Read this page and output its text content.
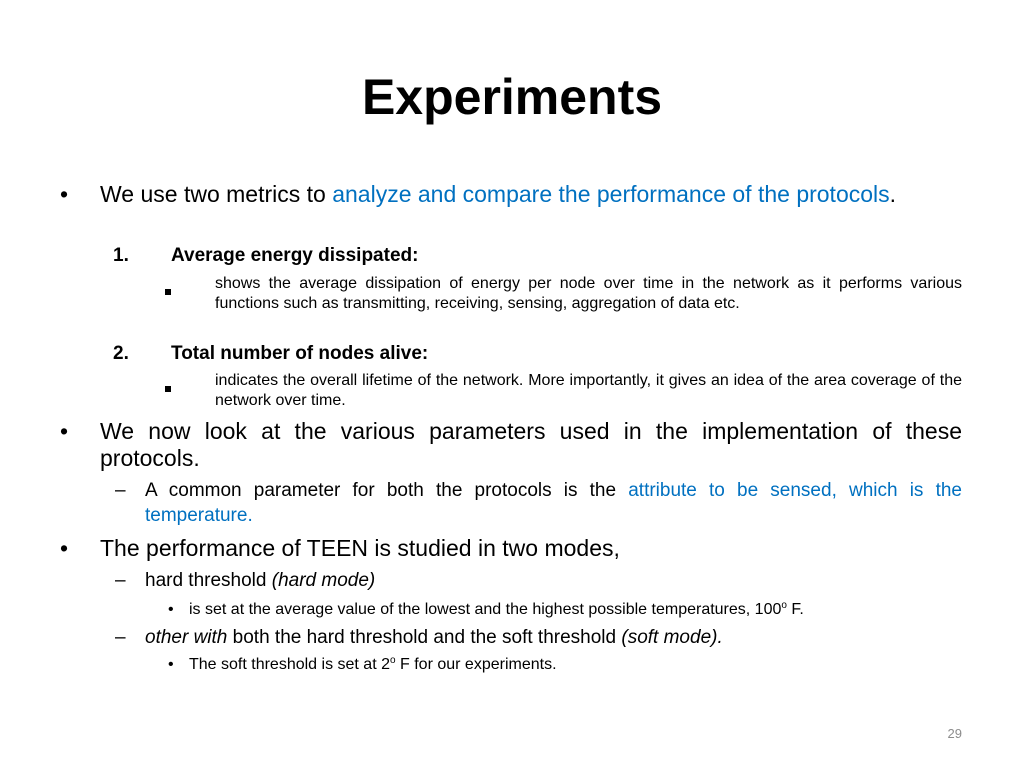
Experiments
• We use two metrics to analyze and compare the performance of the protocols.
1. Average energy dissipated:
shows the average dissipation of energy per node over time in the network as it performs various functions such as transmitting, receiving, sensing, aggregation of data etc.
2. Total number of nodes alive:
indicates the overall lifetime of the network. More importantly, it gives an idea of the area coverage of the network over time.
• We now look at the various parameters used in the implementation of these protocols.
– A common parameter for both the protocols is the attribute to be sensed, which is the temperature.
• The performance of TEEN is studied in two modes,
– hard threshold (hard mode)
• is set at the average value of the lowest and the highest possible temperatures, 100$^o$ F.
– other with both the hard threshold and the soft threshold (soft mode).
• The soft threshold is set at 2$^o$ F for our experiments.
29
